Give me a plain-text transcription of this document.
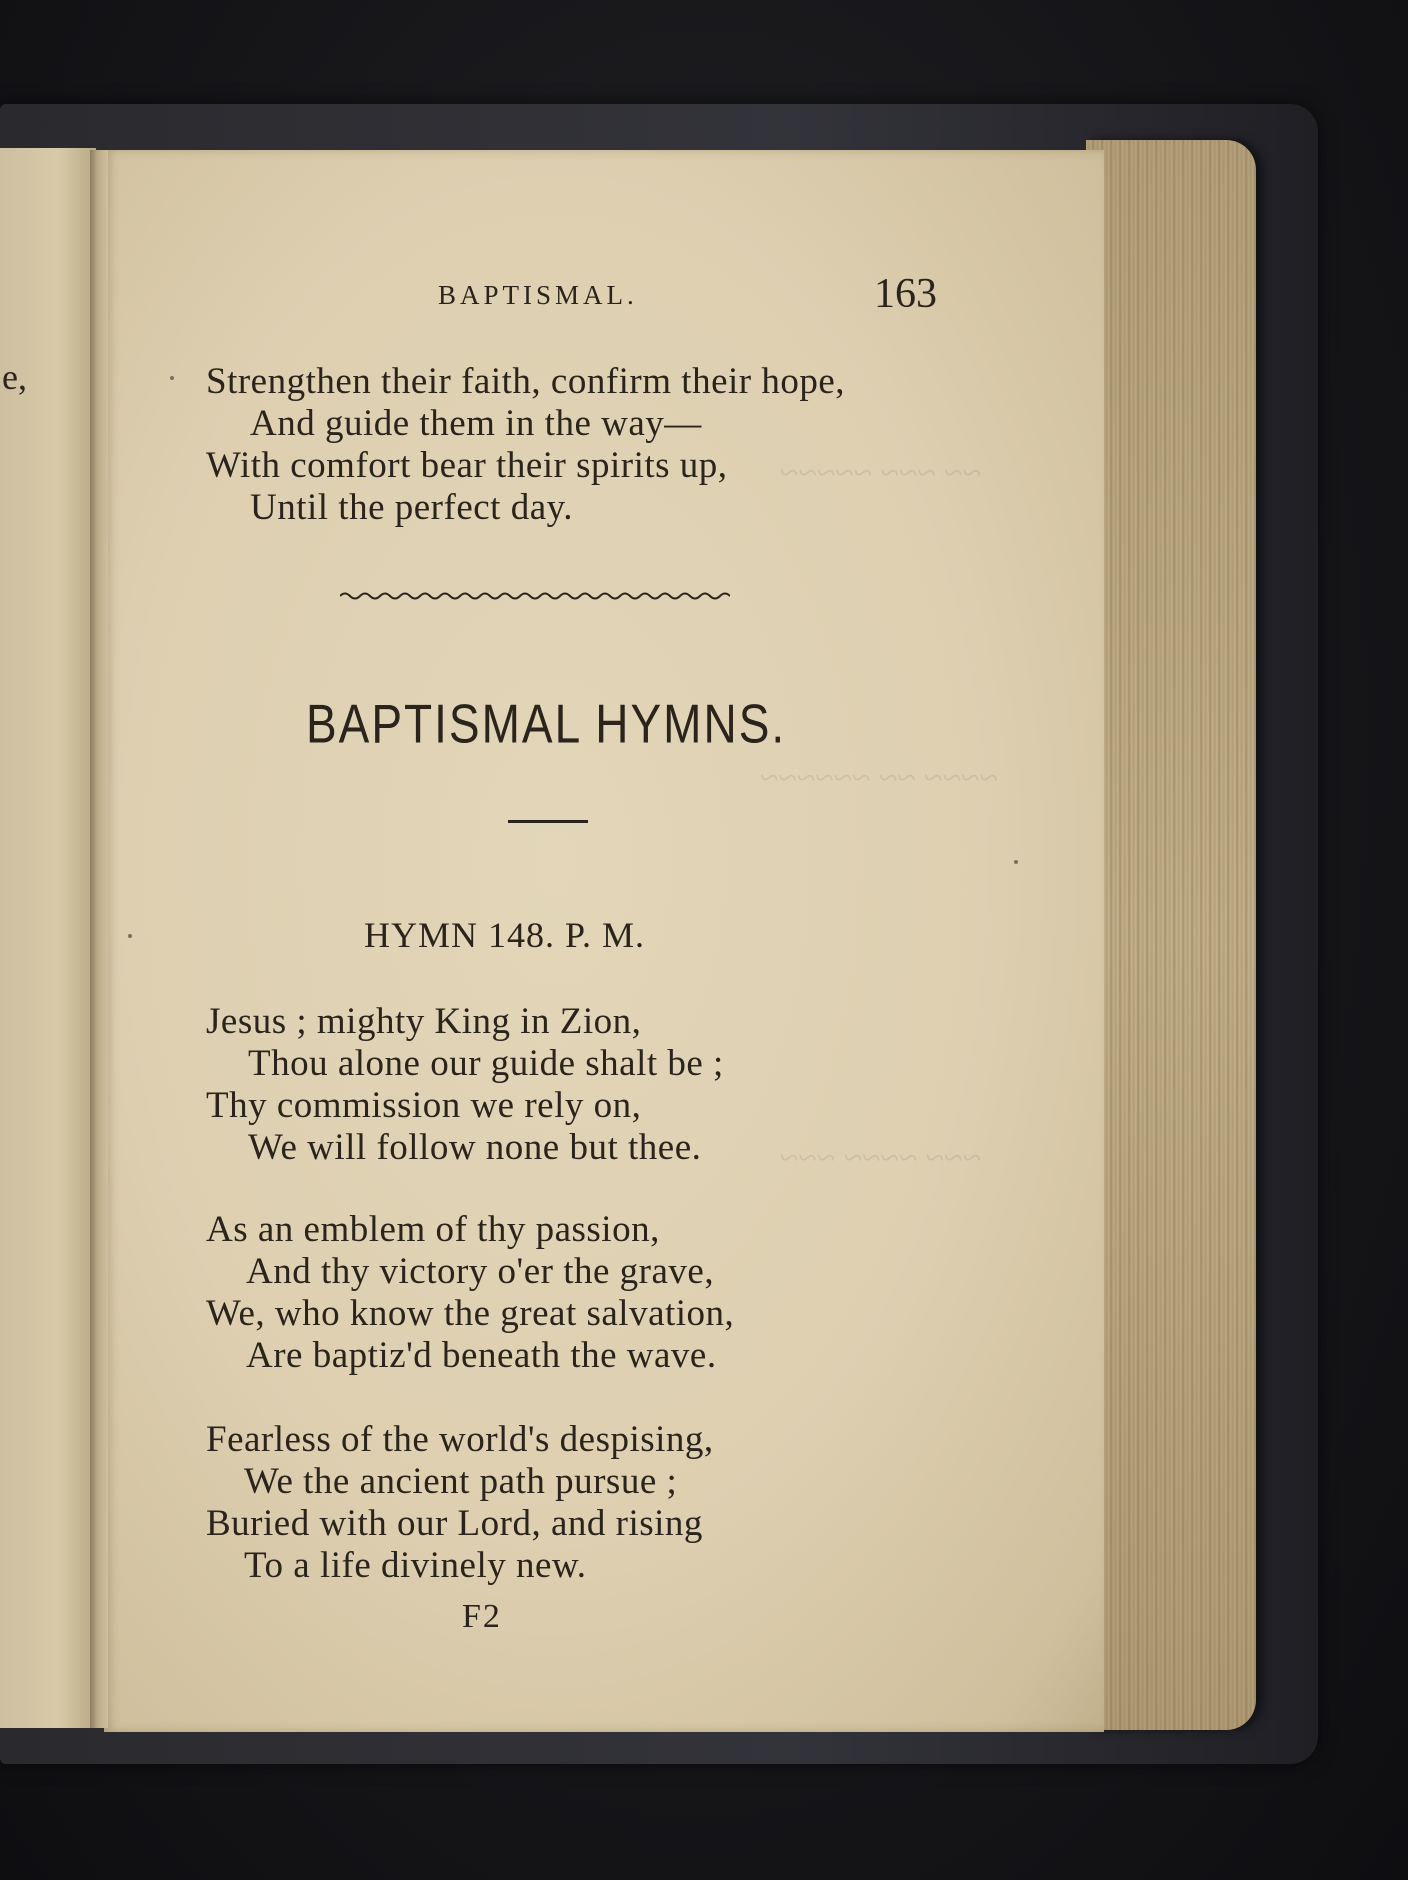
e,
~~ ~~~ ~~~~~
~~~~ ~~ ~~~~~~
~~~ ~~~~ ~~~
BAPTISMAL.	163
Strengthen their faith, confirm their hope,
And guide them in the way—
With comfort bear their spirits up,
Until the perfect day.
BAPTISMAL HYMNS.
HYMN 148. P. M.
Jesus ; mighty King in Zion,
Thou alone our guide shalt be ;
Thy commission we rely on,
We will follow none but thee.
As an emblem of thy passion,
And thy victory o'er the grave,
We, who know the great salvation,
Are baptiz'd beneath the wave.
Fearless of the world's despising,
We the ancient path pursue ;
Buried with our Lord, and rising
To a life divinely new.
F2
